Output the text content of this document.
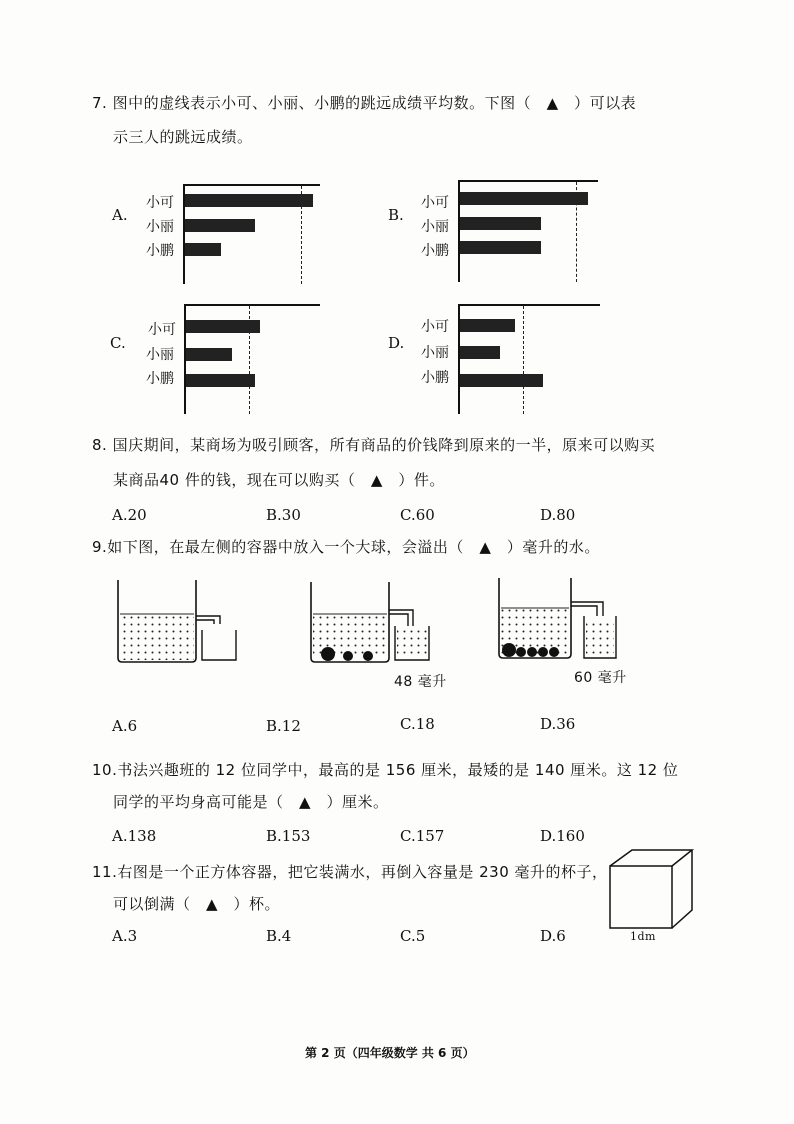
7. 图中的虚线表示小可、小丽、小鹏的跳远成绩平均数。下图（　▲　）可以表
示三人的跳远成绩。
A.
小可
小丽
小鹏
B.
小可
小丽
小鹏
C.
小可
小丽
小鹏
D.
小可
小丽
小鹏
8. 国庆期间，某商场为吸引顾客，所有商品的价钱降到原来的一半，原来可以购买
某商品40 件的钱，现在可以购买（　▲　）件。
A.20	B.30	C.60	D.80
9.如下图，在最左侧的容器中放入一个大球，会溢出（　▲　）毫升的水。
48 毫升	60 毫升
A.6	B.12	C.18	D.36
10.书法兴趣班的 12 位同学中，最高的是 156 厘米，最矮的是 140 厘米。这 12 位
同学的平均身高可能是（　▲　）厘米。
A.138	B.153	C.157	D.160
11.右图是一个正方体容器，把它装满水，再倒入容量是 230 毫升的杯子，
可以倒满（　▲　）杯。
A.3	B.4	C.5	D.6	1dm
第 2 页（四年级数学 共 6 页）
